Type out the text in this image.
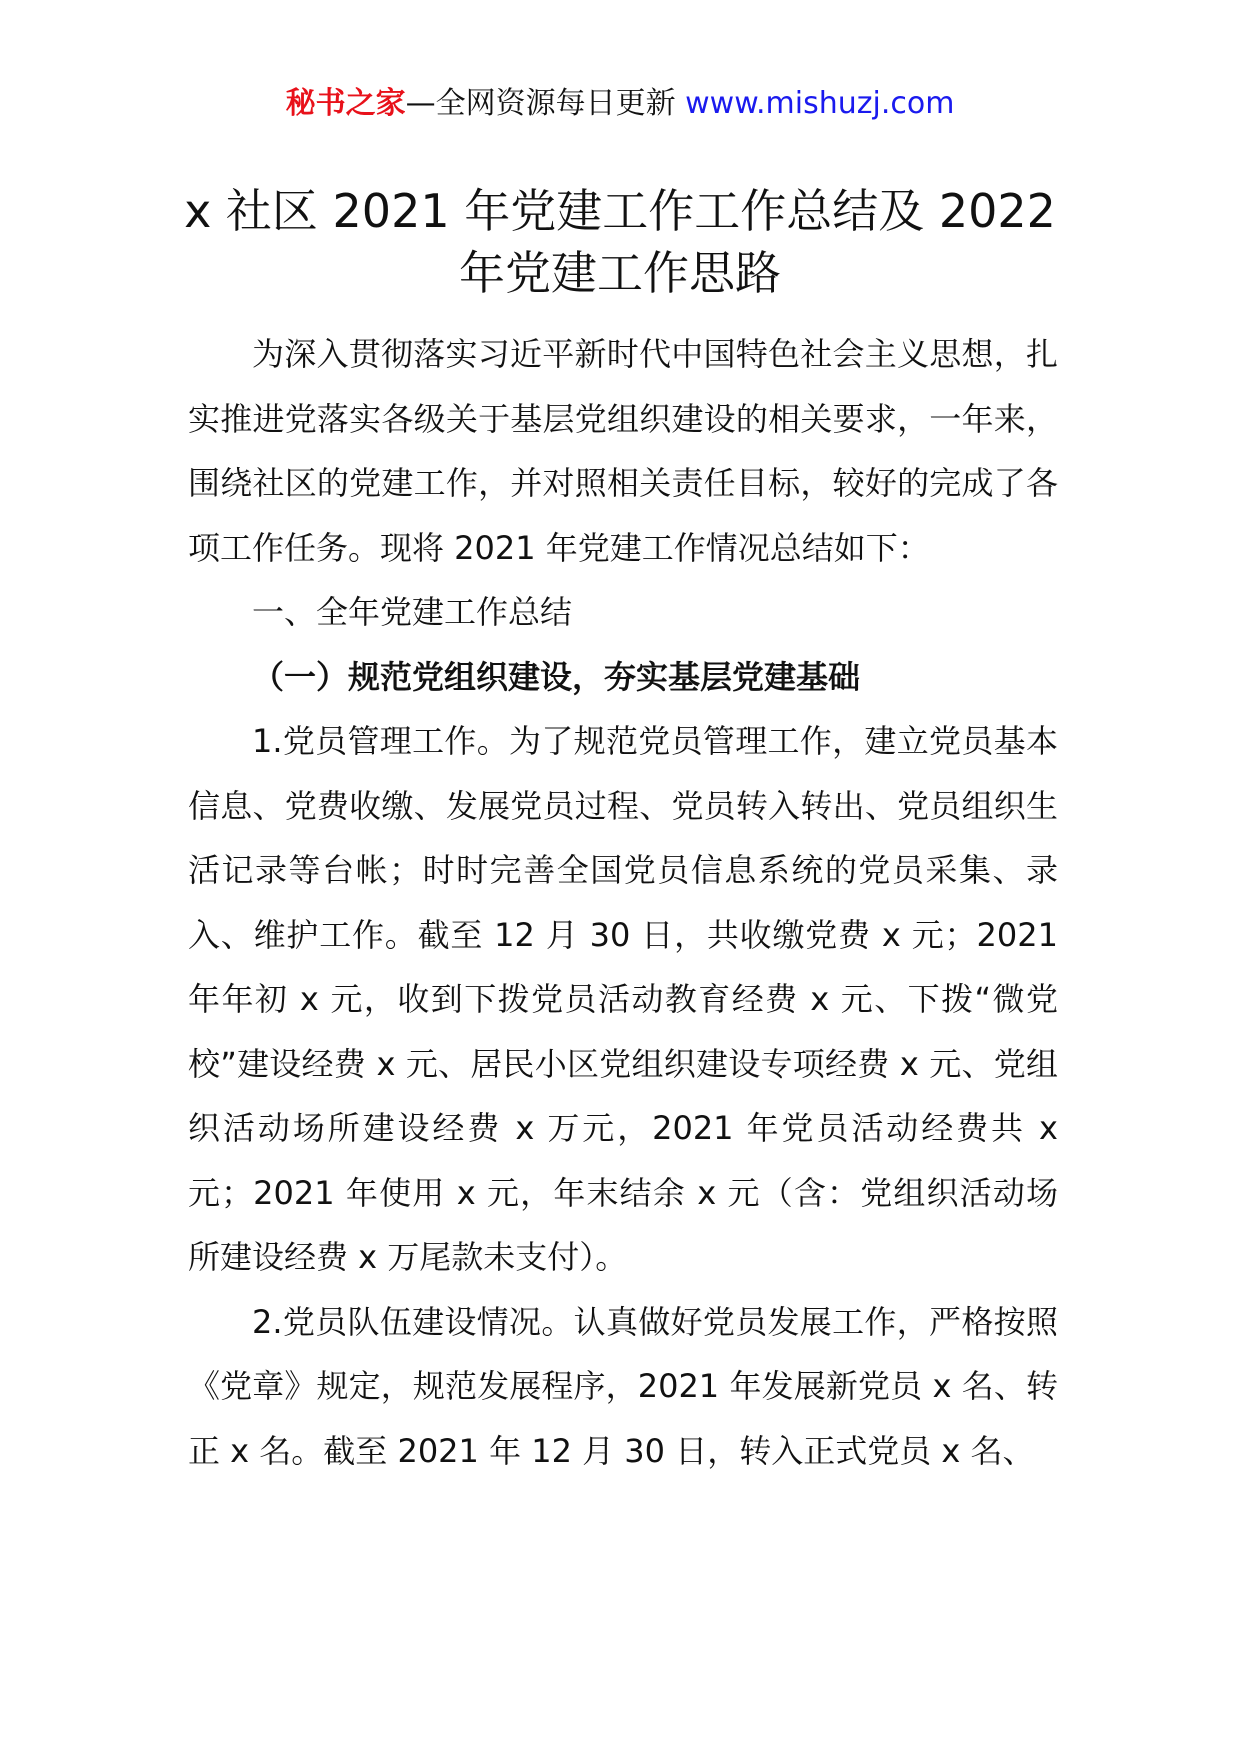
秘书之家—全网资源每日更新 www.mishuzj.com
x 社区 2021 年党建工作工作总结及 2022
年党建工作思路

为深入贯彻落实习近平新时代中国特色社会主义思想，扎实推进党落实各级关于基层党组织建设的相关要求，一年来，围绕社区的党建工作，并对照相关责任目标，较好的完成了各项工作任务。现将 2021 年党建工作情况总结如下：

一、全年党建工作总结

（一）规范党组织建设，夯实基层党建基础

1.党员管理工作。为了规范党员管理工作，建立党员基本信息、党费收缴、发展党员过程、党员转入转出、党员组织生活记录等台帐；时时完善全国党员信息系统的党员采集、录入、维护工作。截至 12 月 30 日，共收缴党费 x 元；2021 年年初 x 元，收到下拨党员活动教育经费 x 元、下拨“微党校”建设经费 x 元、居民小区党组织建设专项经费 x 元、党组织活动场所建设经费 x 万元，2021 年党员活动经费共 x 元；2021 年使用 x 元，年末结余 x 元（含：党组织活动场所建设经费 x 万尾款未支付）。

2.党员队伍建设情况。认真做好党员发展工作，严格按照《党章》规定，规范发展程序，2021 年发展新党员 x 名、转正 x 名。截至 2021 年 12 月 30 日，转入正式党员 x 名、
